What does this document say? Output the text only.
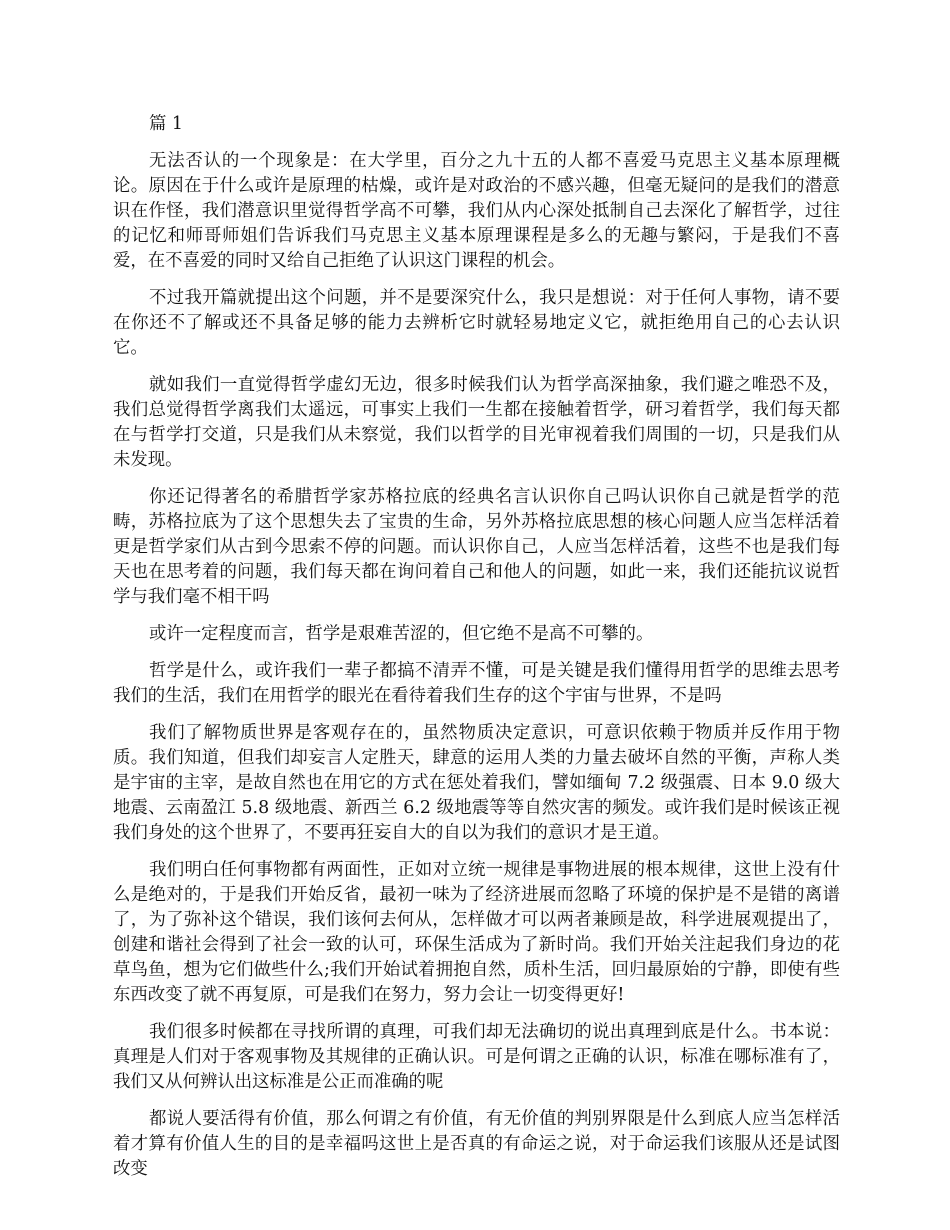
篇 1

无法否认的一个现象是：在大学里，百分之九十五的人都不喜爱马克思主义基本原理概论。原因在于什么或许是原理的枯燥，或许是对政治的不感兴趣，但毫无疑问的是我们的潜意识在作怪，我们潜意识里觉得哲学高不可攀，我们从内心深处抵制自己去深化了解哲学，过往的记忆和师哥师姐们告诉我们马克思主义基本原理课程是多么的无趣与繁闷，于是我们不喜爱，在不喜爱的同时又给自己拒绝了认识这门课程的机会。

不过我开篇就提出这个问题，并不是要深究什么，我只是想说：对于任何人事物，请不要在你还不了解或还不具备足够的能力去辨析它时就轻易地定义它，就拒绝用自己的心去认识它。

就如我们一直觉得哲学虚幻无边，很多时候我们认为哲学高深抽象，我们避之唯恐不及，我们总觉得哲学离我们太遥远，可事实上我们一生都在接触着哲学，研习着哲学，我们每天都在与哲学打交道，只是我们从未察觉，我们以哲学的目光审视着我们周围的一切，只是我们从未发现。

你还记得著名的希腊哲学家苏格拉底的经典名言认识你自己吗认识你自己就是哲学的范畴，苏格拉底为了这个思想失去了宝贵的生命，另外苏格拉底思想的核心问题人应当怎样活着更是哲学家们从古到今思索不停的问题。而认识你自己，人应当怎样活着，这些不也是我们每天也在思考着的问题，我们每天都在询问着自己和他人的问题，如此一来，我们还能抗议说哲学与我们毫不相干吗

或许一定程度而言，哲学是艰难苦涩的，但它绝不是高不可攀的。

哲学是什么，或许我们一辈子都搞不清弄不懂，可是关键是我们懂得用哲学的思维去思考我们的生活，我们在用哲学的眼光在看待着我们生存的这个宇宙与世界，不是吗

我们了解物质世界是客观存在的，虽然物质决定意识，可意识依赖于物质并反作用于物质。我们知道，但我们却妄言人定胜天，肆意的运用人类的力量去破坏自然的平衡，声称人类是宇宙的主宰，是故自然也在用它的方式在惩处着我们，譬如缅甸 7.2 级强震、日本 9.0 级大地震、云南盈江 5.8 级地震、新西兰 6.2 级地震等等自然灾害的频发。或许我们是时候该正视我们身处的这个世界了，不要再狂妄自大的自以为我们的意识才是王道。

我们明白任何事物都有两面性，正如对立统一规律是事物进展的根本规律，这世上没有什么是绝对的，于是我们开始反省，最初一味为了经济进展而忽略了环境的保护是不是错的离谱了，为了弥补这个错误，我们该何去何从，怎样做才可以两者兼顾是故，科学进展观提出了，创建和谐社会得到了社会一致的认可，环保生活成为了新时尚。我们开始关注起我们身边的花草鸟鱼，想为它们做些什么;我们开始试着拥抱自然，质朴生活，回归最原始的宁静，即使有些东西改变了就不再复原，可是我们在努力，努力会让一切变得更好!

我们很多时候都在寻找所谓的真理，可我们却无法确切的说出真理到底是什么。书本说：真理是人们对于客观事物及其规律的正确认识。可是何谓之正确的认识，标准在哪标准有了，我们又从何辨认出这标准是公正而准确的呢

都说人要活得有价值，那么何谓之有价值，有无价值的判别界限是什么到底人应当怎样活着才算有价值人生的目的是幸福吗这世上是否真的有命运之说，对于命运我们该服从还是试图改变
